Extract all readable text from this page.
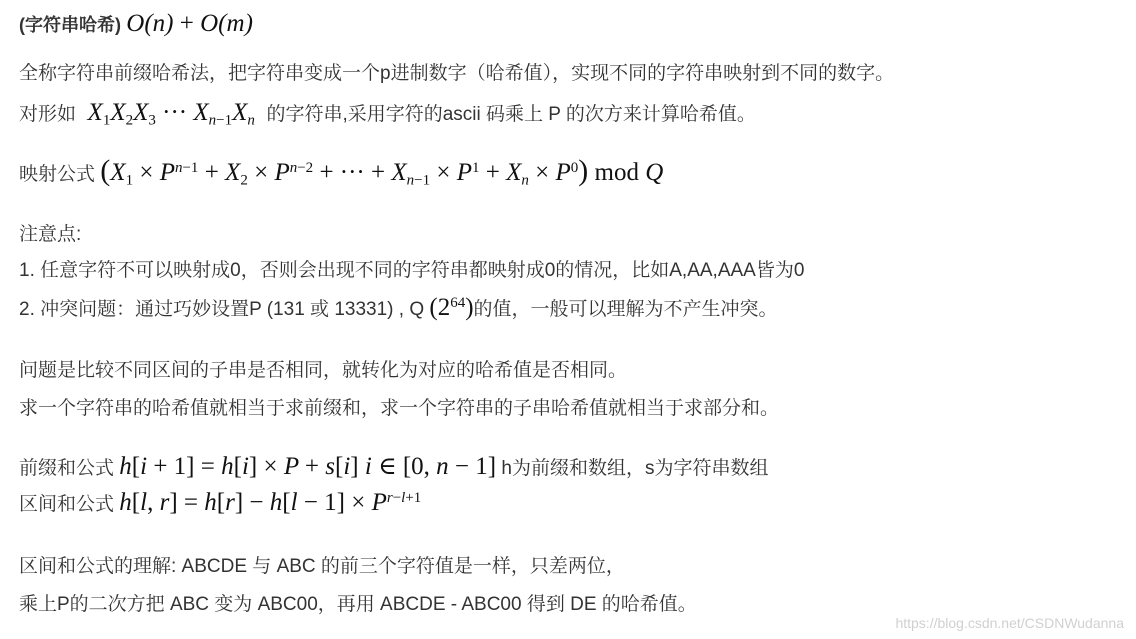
(字符串哈希) O(n) + O(m)
全称字符串前缀哈希法，把字符串变成一个p进制数字（哈希值），实现不同的字符串映射到不同的数字。
对形如  $X_1X_2X_3$ ··· $X_{n-1}X_n$ 的字符串,采用字符的ascii 码乘上 P 的次方来计算哈希值。
映射公式 ($X_1 \times P^{n-1} + X_2 \times P^{n-2}$ + ··· + $X_{n-1} \times P^1 + X_n \times P^0$) mod Q
注意点:
1. 任意字符不可以映射成0，否则会出现不同的字符串都映射成0的情况，比如A,AA,AAA皆为0
2. 冲突问题：通过巧妙设置P (131 或 13331) , Q $(2^{64})$的值，一般可以理解为不产生冲突。
问题是比较不同区间的子串是否相同，就转化为对应的哈希值是否相同。
求一个字符串的哈希值就相当于求前缀和，求一个字符串的子串哈希值就相当于求部分和。
前缀和公式 h[i + 1] = h[i] × P + s[i] i ∈ [0, n − 1] h为前缀和数组，s为字符串数组
区间和公式 h[l, $r] = h[r] - h[l - 1] \times P^{r-l+1}$
区间和公式的理解: ABCDE 与 ABC 的前三个字符值是一样，只差两位，
乘上P的二次方把 ABC 变为 ABC00，再用 ABCDE - ABC00 得到 DE 的哈希值。
https://blog.csdn.net/CSDNWudanna
